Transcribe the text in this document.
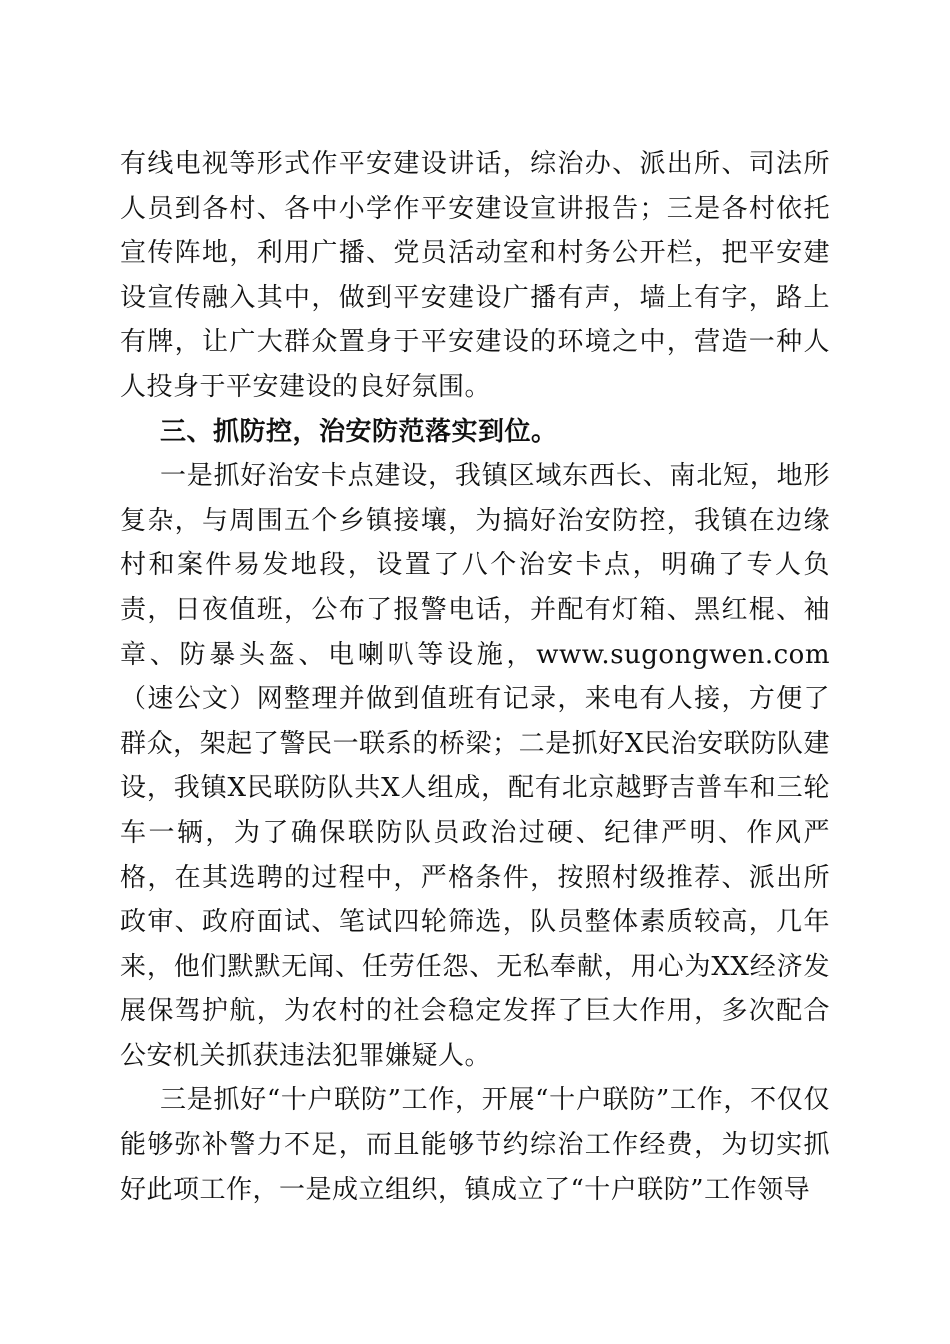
有线电视等形式作平安建设讲话，综治办、派出所、司法所人员到各村、各中小学作平安建设宣讲报告；三是各村依托宣传阵地，利用广播、党员活动室和村务公开栏，把平安建设宣传融入其中，做到平安建设广播有声，墙上有字，路上有牌，让广大群众置身于平安建设的环境之中，营造一种人人投身于平安建设的良好氛围。

三、抓防控，治安防范落实到位。

一是抓好治安卡点建设，我镇区域东西长、南北短，地形复杂，与周围五个乡镇接壤，为搞好治安防控，我镇在边缘村和案件易发地段，设置了八个治安卡点，明确了专人负责，日夜值班，公布了报警电话，并配有灯箱、黑红棍、袖章、防暴头盔、电喇叭等设施，www.sugongwen.com（速公文）网整理并做到值班有记录，来电有人接，方便了群众，架起了警民一联系的桥梁；二是抓好X民治安联防队建设，我镇X民联防队共X人组成，配有北京越野吉普车和三轮车一辆，为了确保联防队员政治过硬、纪律严明、作风严格，在其选聘的过程中，严格条件，按照村级推荐、派出所政审、政府面试、笔试四轮筛选，队员整体素质较高，几年来，他们默默无闻、任劳任怨、无私奉献，用心为XX经济发展保驾护航，为农村的社会稳定发挥了巨大作用，多次配合公安机关抓获违法犯罪嫌疑人。

三是抓好“十户联防”工作，开展“十户联防”工作，不仅仅能够弥补警力不足，而且能够节约综治工作经费，为切实抓好此项工作，一是成立组织，镇成立了“十户联防”工作领导
